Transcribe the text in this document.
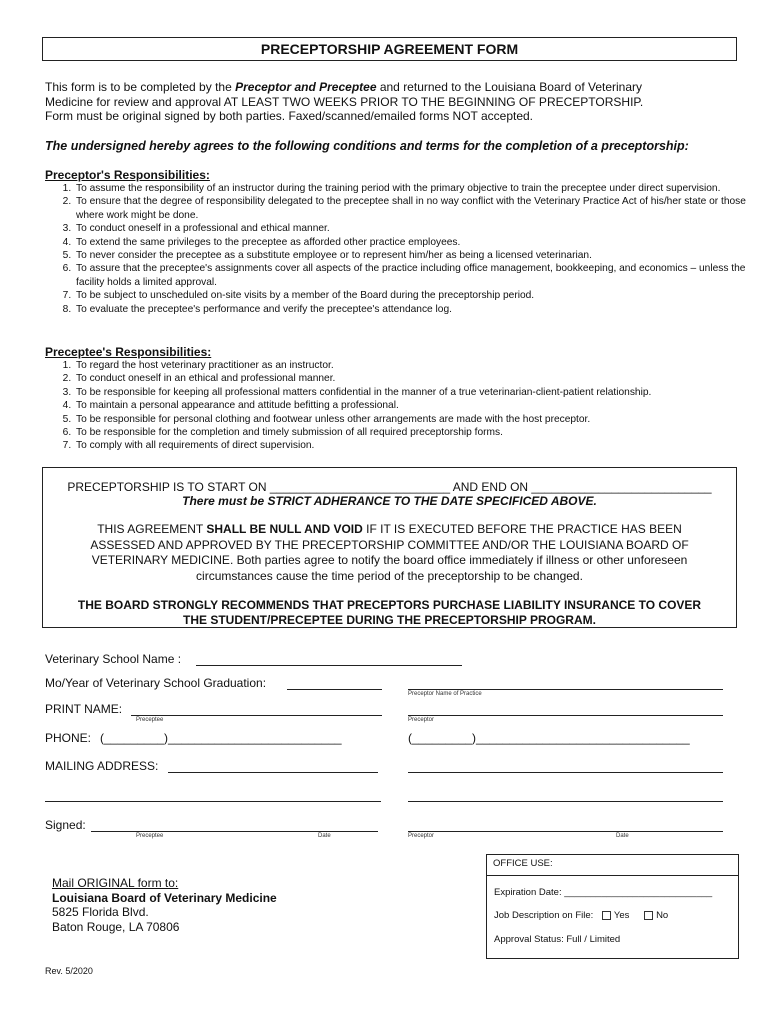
PRECEPTORSHIP AGREEMENT FORM
This form is to be completed by the Preceptor and Preceptee and returned to the Louisiana Board of Veterinary
Medicine for review and approval AT LEAST TWO WEEKS PRIOR TO THE BEGINNING OF PRECEPTORSHIP.
Form must be original signed by both parties. Faxed/scanned/emailed forms NOT accepted.
The undersigned hereby agrees to the following conditions and terms for the completion of a preceptorship:
Preceptor's Responsibilities:
1. To assume the responsibility of an instructor during the training period with the primary objective to train the preceptee under direct supervision.
2. To ensure that the degree of responsibility delegated to the preceptee shall in no way conflict with the Veterinary Practice Act of his/her state or those where work might be done.
3. To conduct oneself in a professional and ethical manner.
4. To extend the same privileges to the preceptee as afforded other practice employees.
5. To never consider the preceptee as a substitute employee or to represent him/her as being a licensed veterinarian.
6. To assure that the preceptee's assignments cover all aspects of the practice including office management, bookkeeping, and economics – unless the facility holds a limited approval.
7. To be subject to unscheduled on-site visits by a member of the Board during the preceptorship period.
8. To evaluate the preceptee's performance and verify the preceptee's attendance log.
Preceptee's Responsibilities:
1. To regard the host veterinary practitioner as an instructor.
2. To conduct oneself in an ethical and professional manner.
3. To be responsible for keeping all professional matters confidential in the manner of a true veterinarian-client-patient relationship.
4. To maintain a personal appearance and attitude befitting a professional.
5. To be responsible for personal clothing and footwear unless other arrangements are made with the host preceptor.
6. To be responsible for the completion and timely submission of all required preceptorship forms.
7. To comply with all requirements of direct supervision.

PRECEPTORSHIP IS TO START ON ___________________________ AND END ON ___________________________

There must be STRICT ADHERANCE TO THE DATE SPECIFICED ABOVE.

THIS AGREEMENT SHALL BE NULL AND VOID IF IT IS EXECUTED BEFORE THE PRACTICE HAS BEEN
ASSESSED AND APPROVED BY THE PRECEPTORSHIP COMMITTEE AND/OR THE LOUISIANA BOARD OF
VETERINARY MEDICINE. Both parties agree to notify the board office immediately if illness or other unforeseen
circumstances cause the time period of the preceptorship to be changed.

THE BOARD STRONGLY RECOMMENDS THAT PRECEPTORS PURCHASE LIABILITY INSURANCE TO COVER
THE STUDENT/PRECEPTEE DURING THE PRECEPTORSHIP PROGRAM.

Veterinary School Name :
Mo/Year of Veterinary School Graduation:
Preceptor Name of Practice
PRINT NAME:
Preceptee	Preceptor
PHONE: (_________)__________________________	(_________)________________________________
MAILING ADDRESS:
Signed:
Preceptee	Date	Preceptor	Date
Mail ORIGINAL form to:
Louisiana Board of Veterinary Medicine
5825 Florida Blvd.
Baton Rouge, LA 70806
OFFICE USE:
Expiration Date: ____________________________
Job Description on File: Yes	No
Approval Status: Full / Limited
Rev. 5/2020
